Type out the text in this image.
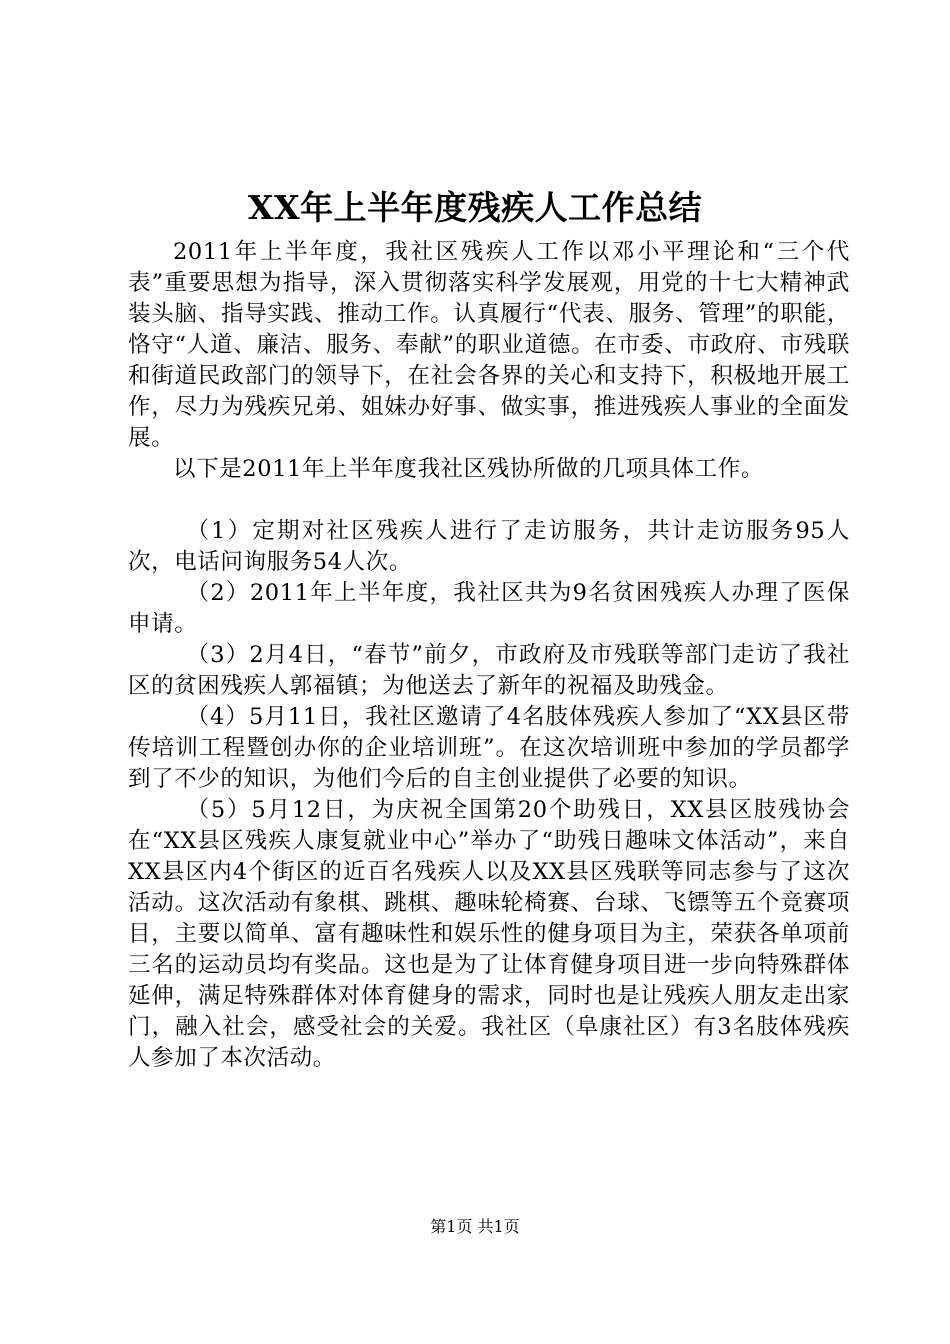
XX年上半年度残疾人工作总结

2011年上半年度，我社区残疾人工作以邓小平理论和“三个代表”重要思想为指导，深入贯彻落实科学发展观，用党的十七大精神武装头脑、指导实践、推动工作。认真履行“代表、服务、管理”的职能，恪守“人道、廉洁、服务、奉献”的职业道德。在市委、市政府、市残联和街道民政部门的领导下，在社会各界的关心和支持下，积极地开展工作，尽力为残疾兄弟、姐妹办好事、做实事，推进残疾人事业的全面发展。

以下是2011年上半年度我社区残协所做的几项具体工作。

（1）定期对社区残疾人进行了走访服务，共计走访服务95人次，电话问询服务54人次。

（2）2011年上半年度，我社区共为9名贫困残疾人办理了医保申请。

（3）2月4日，“春节”前夕，市政府及市残联等部门走访了我社区的贫困残疾人郭福镇；为他送去了新年的祝福及助残金。

（4）5月11日，我社区邀请了4名肢体残疾人参加了“XX县区带传培训工程暨创办你的企业培训班”。在这次培训班中参加的学员都学到了不少的知识，为他们今后的自主创业提供了必要的知识。

（5）5月12日，为庆祝全国第20个助残日，XX县区肢残协会在“XX县区残疾人康复就业中心”举办了“助残日趣味文体活动”，来自XX县区内4个街区的近百名残疾人以及XX县区残联等同志参与了这次活动。这次活动有象棋、跳棋、趣味轮椅赛、台球、飞镖等五个竞赛项目，主要以简单、富有趣味性和娱乐性的健身项目为主，荣获各单项前三名的运动员均有奖品。这也是为了让体育健身项目进一步向特殊群体延伸，满足特殊群体对体育健身的需求，同时也是让残疾人朋友走出家门，融入社会，感受社会的关爱。我社区（阜康社区）有3名肢体残疾人参加了本次活动。

第1页 共1页
